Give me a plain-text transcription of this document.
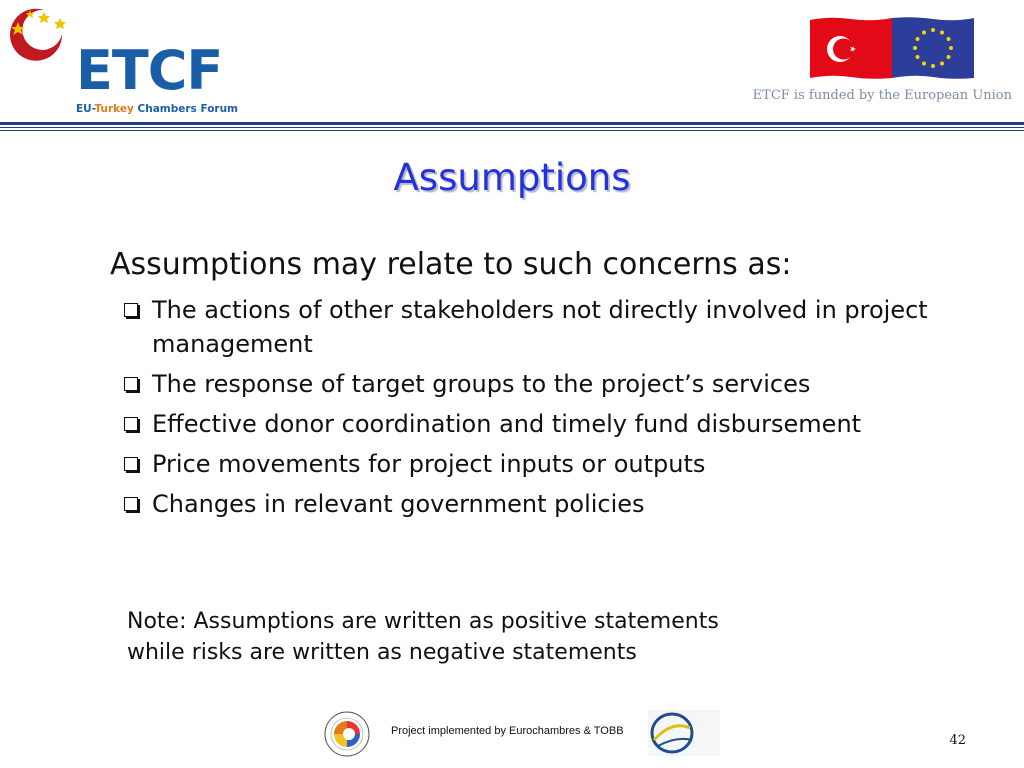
ETCF
EU-Turkey Chambers Forum
ETCF is funded by the European Union
Assumptions
Assumptions may relate to such concerns as:
The actions of other stakeholders not directly involved in project management
The response of target groups to the project’s services
Effective donor coordination and timely fund disbursement
Price movements for project inputs or outputs
Changes in relevant government policies
Note: Assumptions are written as positive statements
while risks are written as negative statements
Project implemented by Eurochambres & TOBB
42
